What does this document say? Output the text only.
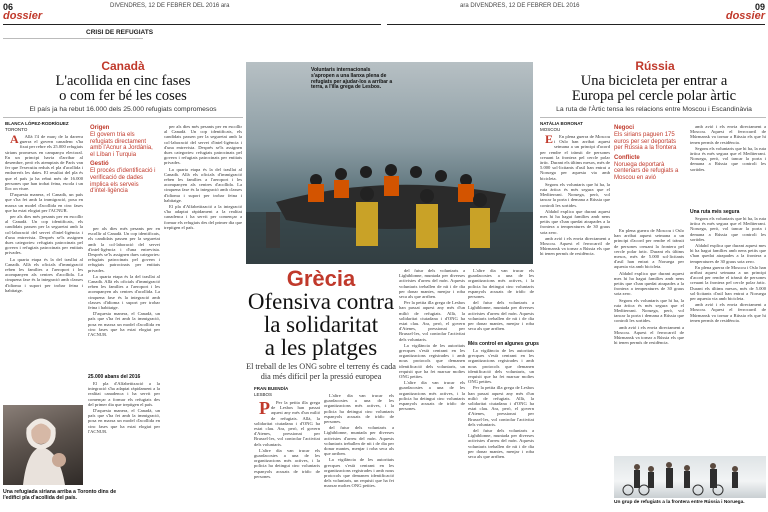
06	DIVENDRES, 12 DE FEBRER DEL 2016 ara
dossier
CRISI DE REFUGIATS
09
ara DIVENDRES, 12 DE FEBRER DEL 2016
dossier
Canadà
L'acollida en cinc fases
o com fer bé les coses
El país ja ha rebut 16.000 dels 25.000 refugiats compromesos
BLANCA LÓPEZ-RODRÍGUEZ
TORONTO

A Allà l'4 de març de la darrera guerra el govern canadenc s'ha fixat per rebre els 25.000 refugiats sirians promesos en campanya electoral. En un principi havia d'arribar al desembre, però els atemptats de París van fer que l'executiu reduís el pla d'acollida i endarrerís les dates. El resultat del pla és que el país ja ha rebut més de 16.000 persones que han trobat feina, escola i un lloc on viure.

D'aquesta manera, el Canadà, un país que s'ha fet amb la immigració, posa en marxa un model d'acollida en cinc fases que ha estat elogiat per l'ACNUR.

per als dies més pesants per en escollir al Canadà. Un cop identificats, els candidats passen per la seguretat amb la col·laboració del servei d'intel·ligència i d'una entrevista. Després se'ls assignen dues categories: refugiats patrocinats pel govern i refugiats patrocinats per entitats privades.

La quarta etapa és la del trasllat al Canadà. Allà els oficials d'immigració reben les famílies a l'aeroport i les acompanyen als centres d'acollida. La cinquena fase és la integració amb classes d'idioma i suport per trobar feina i habitatge.

Origen
El govern tria els refugiats directament amb l'Acnur a Jordània, el Líban i Turquia
Gestió
El procés d'identificació i verificació de dades implica els serveis d'intel·ligència

per als dies més pesants per en escollir al Canadà. Un cop identificats, els candidats passen per la seguretat amb la col·laboració del servei d'intel·ligència i d'una entrevista. Després se'ls assignen dues categories: refugiats patrocinats pel govern i refugiats patrocinats per entitats privades.

La quarta etapa és la del trasllat al Canadà. Allà els oficials d'immigració reben les famílies a l'aeroport i les acompanyen als centres d'acollida. La cinquena fase és la integració amb classes d'idioma i suport per trobar feina i habitatge.

D'aquesta manera, el Canadà, un país que s'ha fet amb la immigració, posa en marxa un model d'acollida en cinc fases que ha estat elogiat per l'ACNUR.

per als dies més pesants per en escollir al Canadà. Un cop identificats, els candidats passen per la seguretat amb la col·laboració del servei d'intel·ligència i d'una entrevista. Després se'ls assignen dues categories: refugiats patrocinats pel govern i refugiats patrocinats per entitats privades.

La quarta etapa és la del trasllat al Canadà. Allà els oficials d'immigració reben les famílies a l'aeroport i les acompanyen als centres d'acollida. La cinquena fase és la integració amb classes d'idioma i suport per trobar feina i habitatge.

El pla d'Alfabetització a la integració s'ha adaptat ràpidament a la realitat canadenca i ha servit per començar a formar els refugiats des del primer dia que trepitgen el país.

25.000 abans del 2016

El pla d'Alfabetització a la integració s'ha adaptat ràpidament a la realitat canadenca i ha servit per començar a formar els refugiats des del primer dia que trepitgen el país.

D'aquesta manera, el Canadà, un país que s'ha fet amb la immigració, posa en marxa un model d'acollida en cinc fases que ha estat elogiat per l'ACNUR.

Una refugiada siriana arriba a Toronto dins de l'edifici pla d'acollida del país.
Voluntaris internacionals s'apropen a una llanxa plena de refugiats per ajudar-los a arribar a terra, a l'illa grega de Lesbos.
Grècia
Ofensiva contra
la solidaritat
a les platges
El treball de les ONG sobre el terreny és cada dia més difícil per la pressió europea
FRAN BUENDÍA
LESBOS

P Per la petita illa grega de Lesbos han passat aquest any més d'un milió de refugiats. Allà, la solidaritat ciutadana i d'ONG ha estat clau. Ara, però, el govern d'Atenes, pressionat per Brussel·les, vol controlar l'activitat dels voluntaris.

L'altre dia van trucar els guardacostes a una de les organitzacions més actives, i la policia ha detingut cinc voluntaris espanyols acusats de tràfic de persones.

L'altre dia van trucar els guardacostes a una de les organitzacions més actives, i la policia ha detingut cinc voluntaris espanyols acusats de tràfic de persones.

del futur dels voluntaris a Lightblonne, muntada per diverses activistes d'arreu del món. Aquests voluntaris treballen de nit i de dia per donar mantes, menjar i roba seca als que arriben.

La vigilància de les autoritats grecques s'està centrant en les organitzacions registrades i amb nous protocols que demanen identificació dels voluntaris, un requisit que ha fet marxar moltes ONG petites.

del futur dels voluntaris a Lightblonne, muntada per diverses activistes d'arreu del món. Aquests voluntaris treballen de nit i de dia per donar mantes, menjar i roba seca als que arriben.

Per la petita illa grega de Lesbos han passat aquest any més d'un milió de refugiats. Allà, la solidaritat ciutadana i d'ONG ha estat clau. Ara, però, el govern d'Atenes, pressionat per Brussel·les, vol controlar l'activitat dels voluntaris.

La vigilància de les autoritats grecques s'està centrant en les organitzacions registrades i amb nous protocols que demanen identificació dels voluntaris, un requisit que ha fet marxar moltes ONG petites.

L'altre dia van trucar els guardacostes a una de les organitzacions més actives, i la policia ha detingut cinc voluntaris espanyols acusats de tràfic de persones.

L'altre dia van trucar els guardacostes a una de les organitzacions més actives, i la policia ha detingut cinc voluntaris espanyols acusats de tràfic de persones.

del futur dels voluntaris a Lightblonne, muntada per diverses activistes d'arreu del món. Aquests voluntaris treballen de nit i de dia per donar mantes, menjar i roba seca als que arriben.

Més control en algunes grups

La vigilància de les autoritats grecques s'està centrant en les organitzacions registrades i amb nous protocols que demanen identificació dels voluntaris, un requisit que ha fet marxar moltes ONG petites.

Per la petita illa grega de Lesbos han passat aquest any més d'un milió de refugiats. Allà, la solidaritat ciutadana i d'ONG ha estat clau. Ara, però, el govern d'Atenes, pressionat per Brussel·les, vol controlar l'activitat dels voluntaris.

del futur dels voluntaris a Lightblonne, muntada per diverses activistes d'arreu del món. Aquests voluntaris treballen de nit i de dia per donar mantes, menjar i roba seca als que arriben.

Rússia
Una bicicleta per entrar a
Europa pel cercle polar àrtic
La ruta de l'Àrtic tensa les relacions entre Moscou i Escandinàvia
NATÀLIA BORONAT
MOSCOU

E En plena guerra de Moscou i Oslo han arribat aquest setmana a un principi d'acord per rendre el trànsit de persones creuant la frontera pel cercle polar àrtic. Durant els últims mesos, més de 5.000 sol·licitants d'asil han entrat a Noruega per aquesta via amb bicicleta.

Segons els voluntaris que hi ha, la ruta àrtica és més segura que el Mediterrani. Noruega, però, vol tancar la porta i demana a Rússia que controli les sortides.

Aldahd explica que durant aquest mes hi ha hagut famílies amb nens petits que s'han quedat atrapades a la frontera a temperatures de 30 graus sota zero.

amb avió i els envia directament a Moscou. Aquest el ferrocarril de Múrmansk va tornar a Rússia els que hi tenen permís de residència.

Negoci
Els sirians paguen 175 euros per ser deportats per Rússia a la frontera
Conflicte
Noruega deportarà centenars de refugiats a Moscou en avió

En plena guerra de Moscou i Oslo han arribat aquest setmana a un principi d'acord per rendre el trànsit de persones creuant la frontera pel cercle polar àrtic. Durant els últims mesos, més de 5.000 sol·licitants d'asil han entrat a Noruega per aquesta via amb bicicleta.

Aldahd explica que durant aquest mes hi ha hagut famílies amb nens petits que s'han quedat atrapades a la frontera a temperatures de 30 graus sota zero.

Segons els voluntaris que hi ha, la ruta àrtica és més segura que el Mediterrani. Noruega, però, vol tancar la porta i demana a Rússia que controli les sortides.

amb avió i els envia directament a Moscou. Aquest el ferrocarril de Múrmansk va tornar a Rússia els que hi tenen permís de residència.

amb avió i els envia directament a Moscou. Aquest el ferrocarril de Múrmansk va tornar a Rússia els que hi tenen permís de residència.

Segons els voluntaris que hi ha, la ruta àrtica és més segura que el Mediterrani. Noruega, però, vol tancar la porta i demana a Rússia que controli les sortides.

Una ruta més segura

Segons els voluntaris que hi ha, la ruta àrtica és més segura que el Mediterrani. Noruega, però, vol tancar la porta i demana a Rússia que controli les sortides.

Aldahd explica que durant aquest mes hi ha hagut famílies amb nens petits que s'han quedat atrapades a la frontera a temperatures de 30 graus sota zero.

En plena guerra de Moscou i Oslo han arribat aquest setmana a un principi d'acord per rendre el trànsit de persones creuant la frontera pel cercle polar àrtic. Durant els últims mesos, més de 5.000 sol·licitants d'asil han entrat a Noruega per aquesta via amb bicicleta.

amb avió i els envia directament a Moscou. Aquest el ferrocarril de Múrmansk va tornar a Rússia els que hi tenen permís de residència.

Un grup de refugiats a la frontera entre Rússia i Noruega.
